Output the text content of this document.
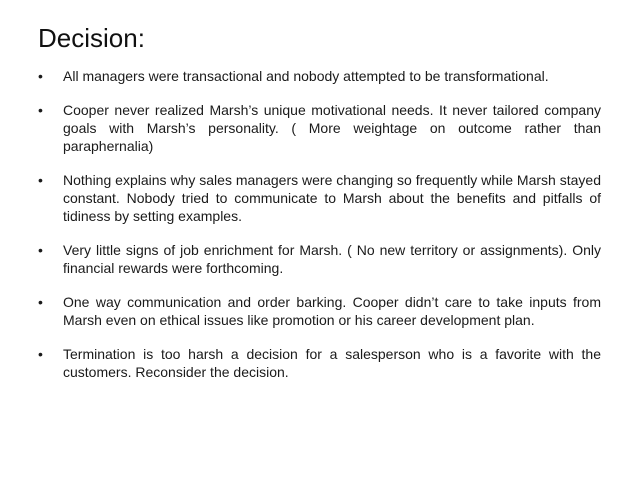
Decision:
•	All managers were transactional and nobody attempted to be transformational.
•	Cooper never realized Marsh’s unique motivational needs. It never tailored company goals with Marsh’s personality. ( More weightage on outcome rather than paraphernalia)
•	Nothing explains why sales managers were changing so frequently while Marsh stayed constant. Nobody tried to communicate to Marsh about the benefits and pitfalls of tidiness by setting examples.
•	Very little signs of job enrichment for Marsh. ( No new territory or assignments). Only financial rewards were forthcoming.
•	One way communication and order barking. Cooper didn’t care to take inputs from Marsh even on ethical issues like promotion or his career development plan.
•	Termination is too harsh a decision for a salesperson who is a favorite with the customers. Reconsider the decision.
